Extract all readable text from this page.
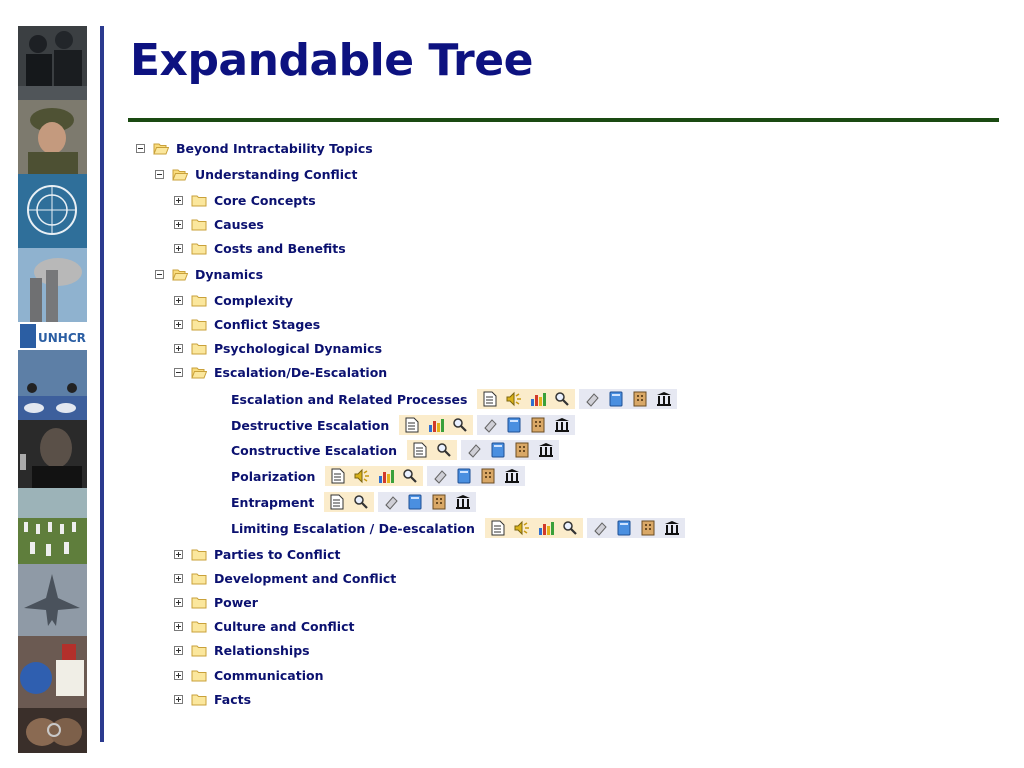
UNHCR
Expandable Tree
Beyond Intractability Topics
Understanding Conflict
Core Concepts
Causes
Costs and Benefits
Dynamics
Complexity
Conflict Stages
Psychological Dynamics
Escalation/De-Escalation
Escalation and Related Processes
Destructive Escalation
Constructive Escalation
Polarization
Entrapment
Limiting Escalation / De-escalation
Parties to Conflict
Development and Conflict
Power
Culture and Conflict
Relationships
Communication
Facts
